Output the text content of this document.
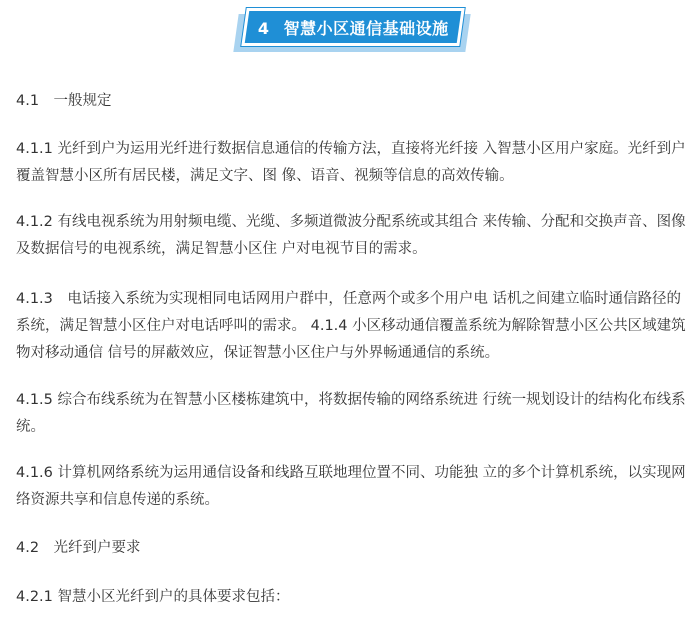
4 智慧小区通信基础设施

4.1　一般规定

4.1.1 光纤到户为运用光纤进行数据信息通信的传输方法，直接将光纤接 入智慧小区用户家庭。光纤到户覆盖智慧小区所有居民楼，满足文字、图 像、语音、视频等信息的高效传输。

4.1.2 有线电视系统为用射频电缆、光缆、多频道微波分配系统或其组合 来传输、分配和交换声音、图像及数据信号的电视系统，满足智慧小区住 户对电视节目的需求。

4.1.3　电话接入系统为实现相同电话网用户群中，任意两个或多个用户电 话机之间建立临时通信路径的系统，满足智慧小区住户对电话呼叫的需求。 4.1.4 小区移动通信覆盖系统为解除智慧小区公共区域建筑物对移动通信 信号的屏蔽效应，保证智慧小区住户与外界畅通通信的系统。

4.1.5 综合布线系统为在智慧小区楼栋建筑中，将数据传输的网络系统进 行统一规划设计的结构化布线系统。

4.1.6 计算机网络系统为运用通信设备和线路互联地理位置不同、功能独 立的多个计算机系统，以实现网络资源共享和信息传递的系统。

4.2　光纤到户要求

4.2.1 智慧小区光纤到户的具体要求包括：
